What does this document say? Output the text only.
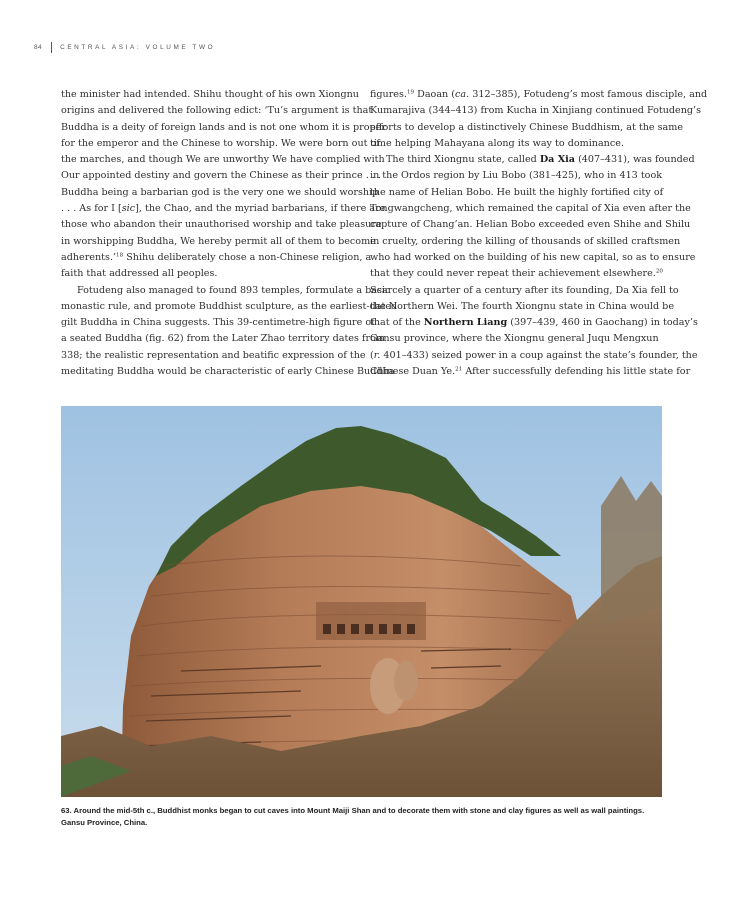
84	CENTRAL ASIA: VOLUME TWO
the minister had intended. Shihu thought of his own Xiongnu
origins and delivered the following edict: ‘Tu’s argument is that
Buddha is a deity of foreign lands and is not one whom it is proper
for the emperor and the Chinese to worship. We were born out of
the marches, and though We are unworthy We have complied with
Our appointed destiny and govern the Chinese as their prince . . .
Buddha being a barbarian god is the very one we should worship
. . . As for I [sic], the Chao, and the myriad barbarians, if there are
those who abandon their unauthorised worship and take pleasure
in worshipping Buddha, We hereby permit all of them to become
adherents.’$^{18}$ Shihu deliberately chose a non-Chinese religion, a
faith that addressed all peoples.
Fotudeng also managed to found 893 temples, formulate a basic
monastic rule, and promote Buddhist sculpture, as the earliest-dated
gilt Buddha in China suggests. This 39-centimetre-high figure of
a seated Buddha (fig. 62) from the Later Zhao territory dates from
338; the realistic representation and beatific expression of the
meditating Buddha would be characteristic of early Chinese Buddha
figures.$^{19}$ Daoan (ca. 312–385), Fotudeng’s most famous disciple, and
Kumarajiva (344–413) from Kucha in Xinjiang continued Fotudeng’s
efforts to develop a distinctively Chinese Buddhism, at the same
time helping Mahayana along its way to dominance.
The third Xiongnu state, called Da Xia (407–431), was founded
in the Ordos region by Liu Bobo (381–425), who in 413 took
the name of Helian Bobo. He built the highly fortified city of
Tongwangcheng, which remained the capital of Xia even after the
capture of Chang’an. Helian Bobo exceeded even Shihe and Shilu
in cruelty, ordering the killing of thousands of skilled craftsmen
who had worked on the building of his new capital, so as to ensure
that they could never repeat their achievement elsewhere.$^{20}$
Scarcely a quarter of a century after its founding, Da Xia fell to
the Northern Wei. The fourth Xiongnu state in China would be
that of the Northern Liang (397–439, 460 in Gaochang) in today’s
Gansu province, where the Xiongnu general Juqu Mengxun
(r. 401–433) seized power in a coup against the state’s founder, the
Chinese Duan Ye.$^{21}$ After successfully defending his little state for
63. Around the mid-5th c., Buddhist monks began to cut caves into Mount Maiji Shan and to decorate them with stone and clay figures as well as wall paintings.
Gansu Province, China.
